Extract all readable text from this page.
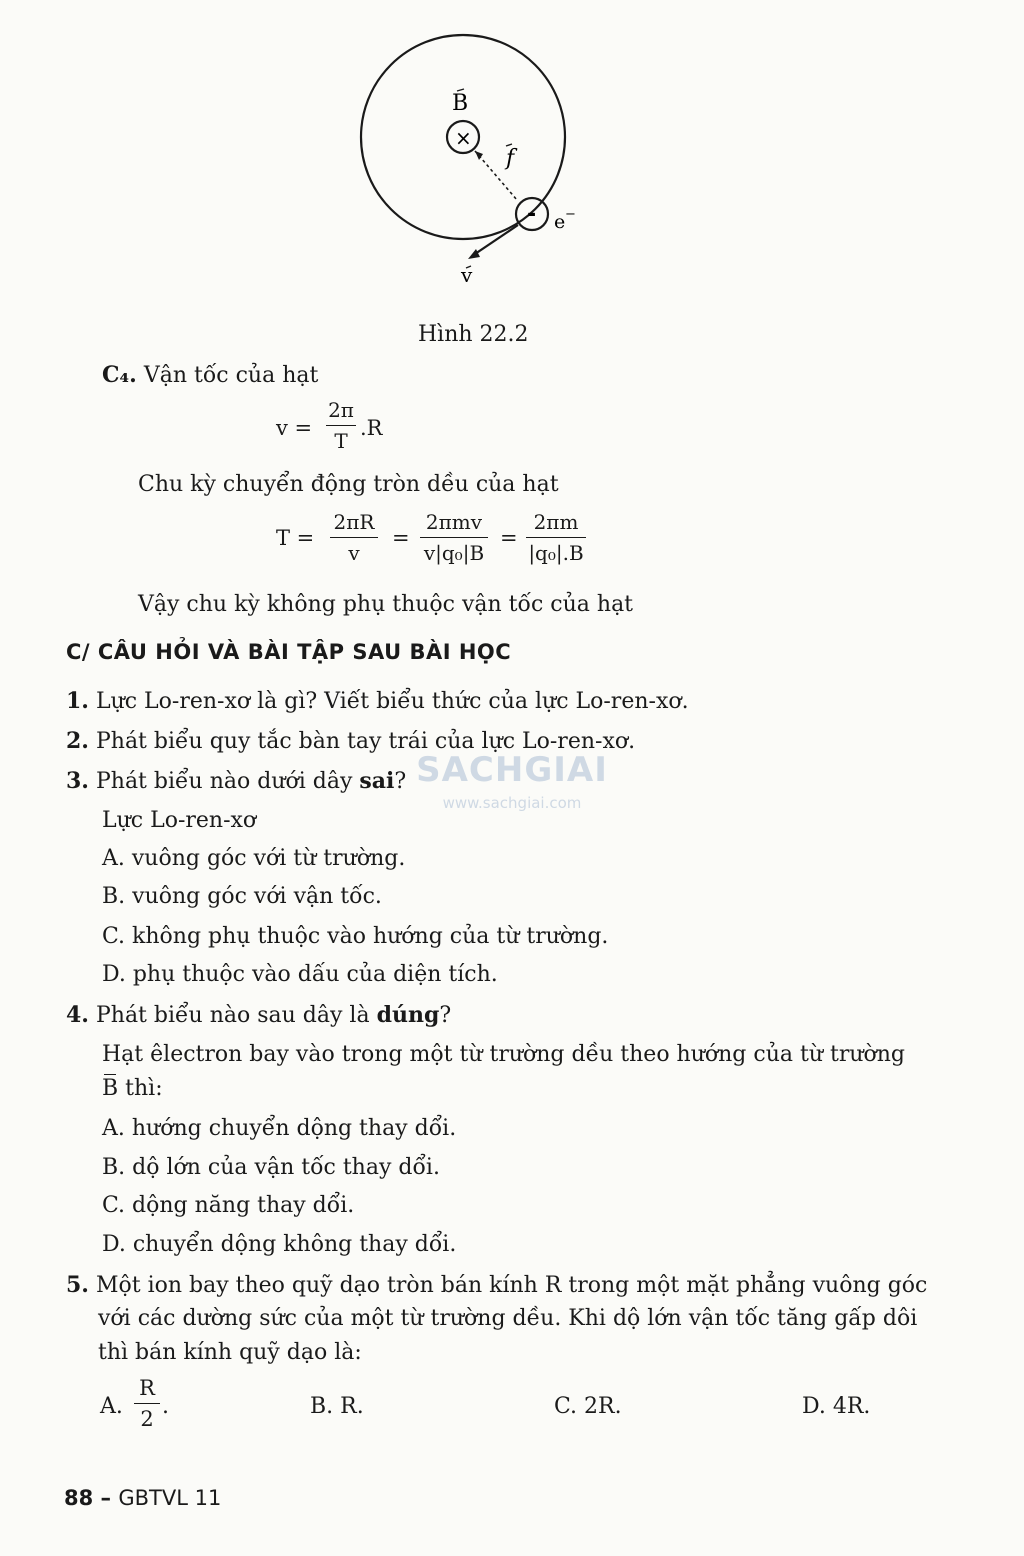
B
×
f
- e −
v
Hình 22.2
C₄. Vận tốc của hạt
v =
2π
T
.R
Chu kỳ chuyển động tròn dều của hạt
T =
2πR
v
=
2πmv
v|q₀|B
=
2πm
|q₀|.B
Vậy chu kỳ không phụ thuộc vận tốc của hạt
C/ CÂU HỎI VÀ BÀI TẬP SAU BÀI HỌC
1. Lực Lo-ren-xơ là gì? Viết biểu thức của lực Lo-ren-xơ.
2. Phát biểu quy tắc bàn tay trái của lực Lo-ren-xơ.
3. Phát biểu nào dưới dây sai?
Lực Lo-ren-xơ
A. vuông góc với từ trường.
B. vuông góc với vận tốc.
C. không phụ thuộc vào hướng của từ trường.
D. phụ thuộc vào dấu của diện tích.
4. Phát biểu nào sau dây là dúng?
Hạt êlectron bay vào trong một từ trường dều theo hướng của từ trường
B thì:
A. hướng chuyển dộng thay dổi.
B. dộ lớn của vận tốc thay dổi.
C. dộng năng thay dổi.
D. chuyển dộng không thay dổi.
5. Một ion bay theo quỹ dạo tròn bán kính R trong một mặt phẳng vuông góc
với các dường sức của một từ trường dều. Khi dộ lớn vận tốc tăng gấp dôi
thì bán kính quỹ dạo là:
A.
R
2 .	B. R.	C. 2R.	D. 4R.
SACHGIAI
www.sachgiai.com
88 – GBTVL 11
